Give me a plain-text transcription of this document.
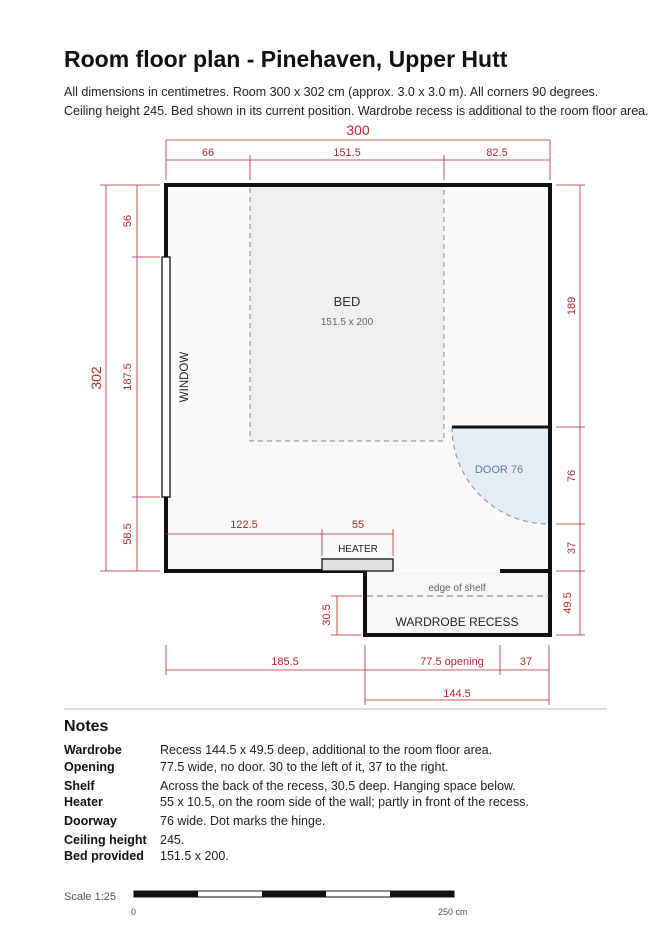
Room floor plan - Pinehaven, Upper Hutt
All dimensions in centimetres. Room 300 x 302 cm (approx. 3.0 x 3.0 m). All corners 90 degrees.
Ceiling height 245. Bed shown in its current position. Wardrobe recess is additional to the room floor area.
BED
151.5 x 200
DOOR 76
WINDOW
HEATER
edge of shelf
WARDROBE RECESS
300
66	151.5	82.5
302
56
187.5
58.5
189
76
37
49.5
122.5	55
30.5
185.5	77.5 opening	37
144.5
Notes
Wardrobe	Recess 144.5 x 49.5 deep, additional to the room floor area.
Opening	77.5 wide, no door. 30 to the left of it, 37 to the right.
Shelf	Across the back of the recess, 30.5 deep. Hanging space below.
Heater	55 x 10.5, on the room side of the wall; partly in front of the recess.
Doorway	76 wide. Dot marks the hinge.
Ceiling height 245.
Bed provided 151.5 x 200.
Scale 1:25
0	250 cm
